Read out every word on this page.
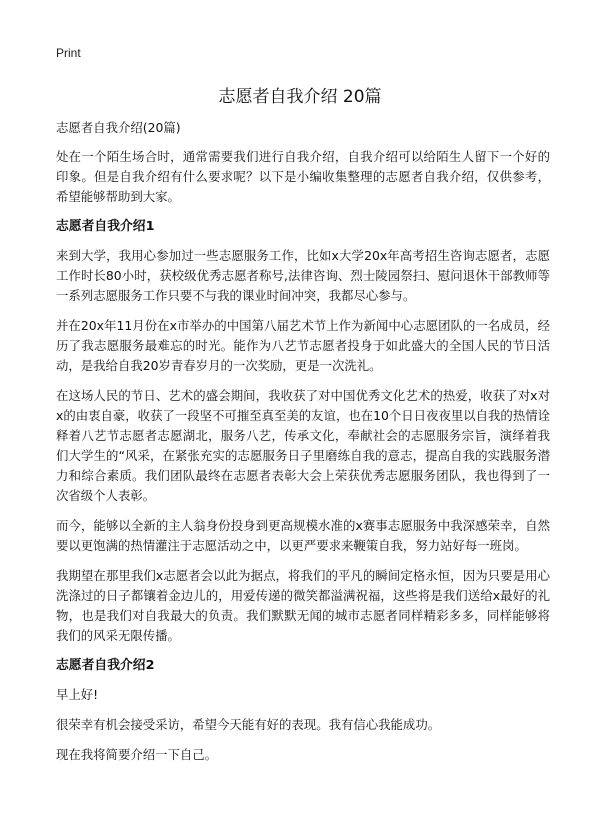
Print
志愿者自我介绍 20篇

志愿者自我介绍(20篇)

处在一个陌生场合时，通常需要我们进行自我介绍，自我介绍可以给陌生人留下一个好的印象。但是自我介绍有什么要求呢？以下是小编收集整理的志愿者自我介绍，仅供参考，希望能够帮助到大家。

志愿者自我介绍1

来到大学，我用心参加过一些志愿服务工作，比如x大学20x年高考招生咨询志愿者，志愿工作时长80小时，获校级优秀志愿者称号,法律咨询、烈士陵园祭扫、慰问退休干部教师等一系列志愿服务工作只要不与我的课业时间冲突，我都尽心参与。

并在20x年11月份在x市举办的中国第八届艺术节上作为新闻中心志愿团队的一名成员，经历了我志愿服务最难忘的时光。能作为八艺节志愿者投身于如此盛大的全国人民的节日活动，是我给自我20岁青春岁月的一次奖励，更是一次洗礼。

在这场人民的节日、艺术的盛会期间，我收获了对中国优秀文化艺术的热爱，收获了对x对x的由衷自豪，收获了一段坚不可摧至真至美的友谊，也在10个日日夜夜里以自我的热情诠释着八艺节志愿者志愿湖北，服务八艺，传承文化，奉献社会的志愿服务宗旨，演绎着我们大学生的“风采，在紧张充实的志愿服务日子里磨练自我的意志，提高自我的实践服务潜力和综合素质。我们团队最终在志愿者表彰大会上荣获优秀志愿服务团队，我也得到了一次省级个人表彰。

而今，能够以全新的主人翁身份投身到更高规模水准的x赛事志愿服务中我深感荣幸，自然要以更饱满的热情灌注于志愿活动之中，以更严要求来鞭策自我，努力站好每一班岗。

我期望在那里我们x志愿者会以此为据点，将我们的平凡的瞬间定格永恒，因为只要是用心洗涤过的日子都镶着金边儿的，用爱传递的微笑都溢满祝福，这些将是我们送给x最好的礼物，也是我们对自我最大的负责。我们默默无闻的城市志愿者同样精彩多多，同样能够将我们的风采无限传播。

志愿者自我介绍2

早上好!

很荣幸有机会接受采访，希望今天能有好的表现。我有信心我能成功。

现在我将简要介绍一下自己。
